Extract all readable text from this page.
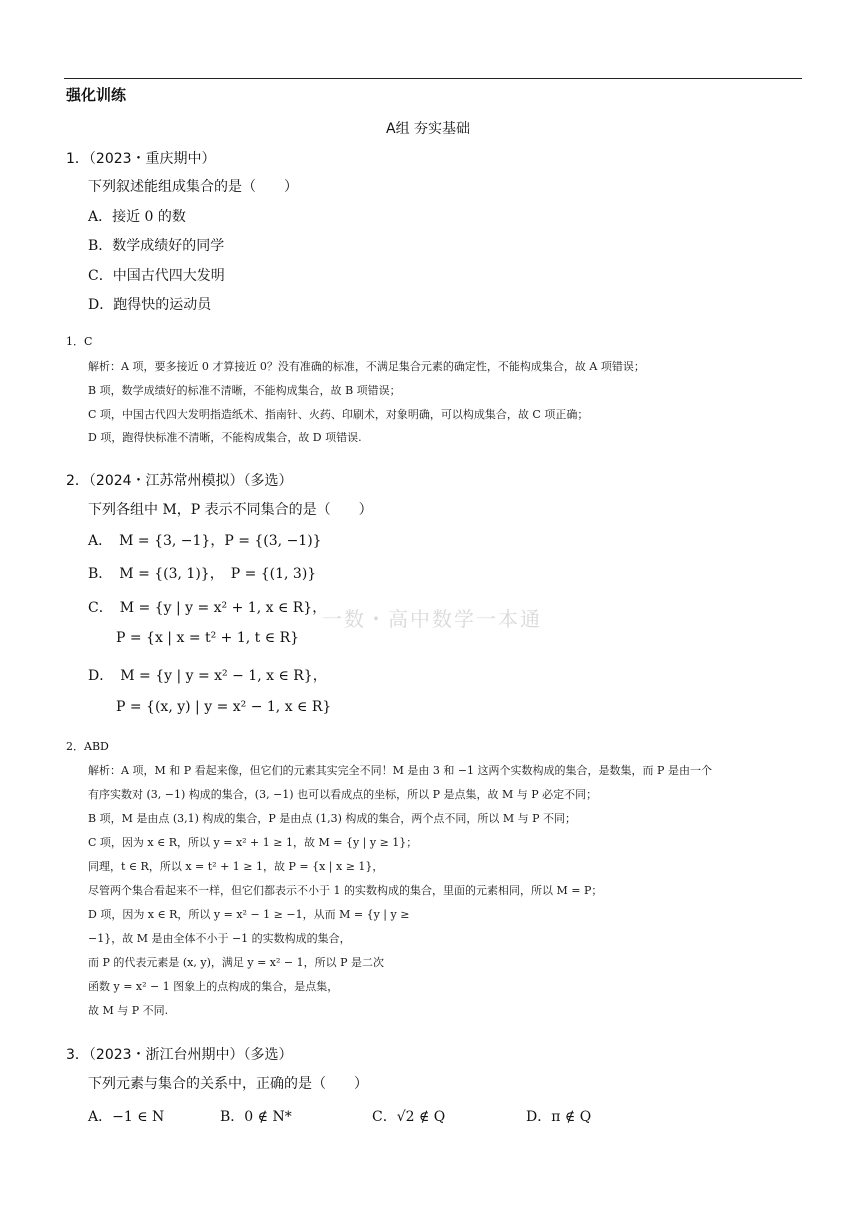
强化训练
A组 夯实基础
1．（2023・重庆期中）
下列叙述能组成集合的是（　　）
A．接近 0 的数
B．数学成绩好的同学
C．中国古代四大发明
D．跑得快的运动员
1．C
解析：A 项，要多接近 0 才算接近 0？没有准确的标准，不满足集合元素的确定性，不能构成集合，故 A 项错误；
B 项，数学成绩好的标准不清晰，不能构成集合，故 B 项错误；
C 项，中国古代四大发明指造纸术、指南针、火药、印刷术，对象明确，可以构成集合，故 C 项正确；
D 项，跑得快标准不清晰，不能构成集合，故 D 项错误.
2．（2024・江苏常州模拟）（多选）
下列各组中 M，P 表示不同集合的是（　　）
A．　M = {3, −1}，P = {(3, −1)}
B．　M = {(3, 1)}，　P = {(1, 3)}
C．　M = {y | y = x² + 1, x ∈ R}，
P = {x | x = t² + 1, t ∈ R}
D．　M = {y | y = x² − 1, x ∈ R}，
P = {(x, y) | y = x² − 1, x ∈ R}
一数・高中数学一本通
2．ABD
解析：A 项，M 和 P 看起来像，但它们的元素其实完全不同！M 是由 3 和 −1 这两个实数构成的集合，是数集，而 P 是由一个
有序实数对 (3, −1) 构成的集合，(3, −1) 也可以看成点的坐标，所以 P 是点集，故 M 与 P 必定不同；
B 项，M 是由点 (3,1) 构成的集合，P 是由点 (1,3) 构成的集合，两个点不同，所以 M 与 P 不同；
C 项，因为 x ∈ R，所以 y = x² + 1 ≥ 1，故 M = {y | y ≥ 1}；
同理，t ∈ R，所以 x = t² + 1 ≥ 1，故 P = {x | x ≥ 1}，
尽管两个集合看起来不一样，但它们都表示不小于 1 的实数构成的集合，里面的元素相同，所以 M = P；
D 项，因为 x ∈ R，所以 y = x² − 1 ≥ −1，从而 M = {y | y ≥
−1}，故 M 是由全体不小于 −1 的实数构成的集合，
而 P 的代表元素是 (x, y)，满足 y = x² − 1，所以 P 是二次
函数 y = x² − 1 图象上的点构成的集合，是点集，
故 M 与 P 不同.
3．（2023・浙江台州期中）（多选）
下列元素与集合的关系中，正确的是（　　）
A．−1 ∈ N	B．0 ∉ N*	C．√2 ∉ Q	D．π ∉ Q
